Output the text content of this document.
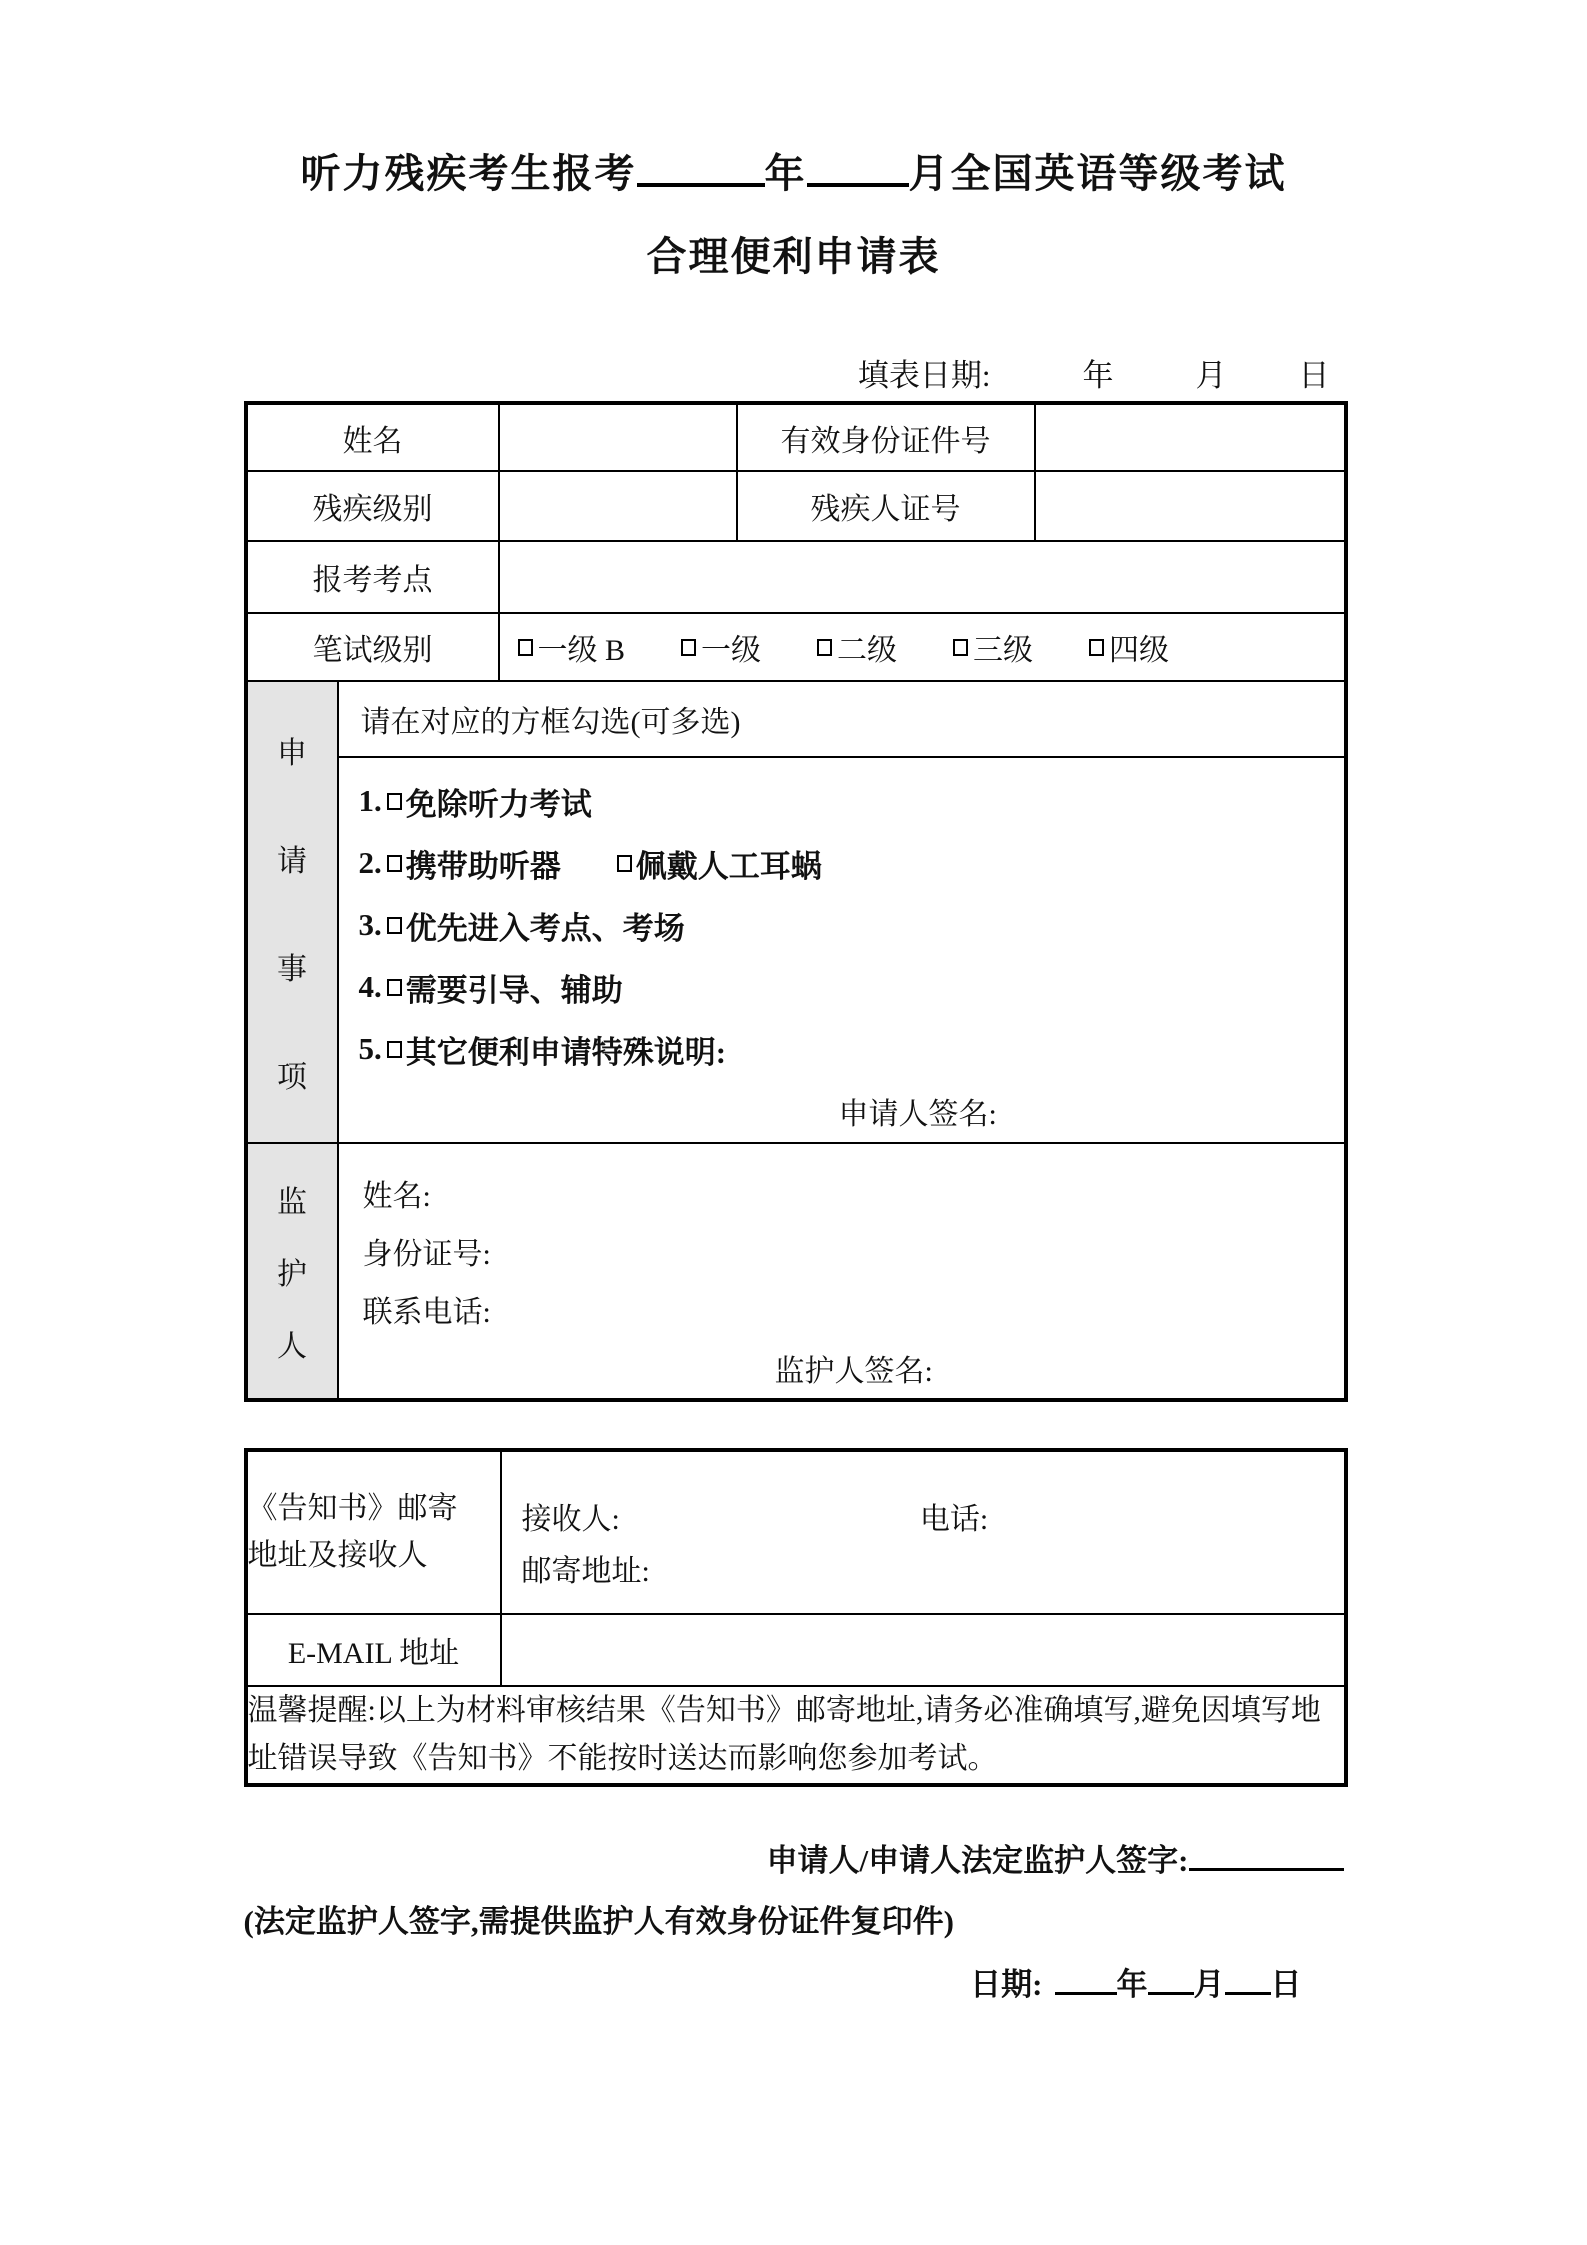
听力残疾考生报考	年	月全国英语等级考试
合理便利申请表
填表日期:	年	月 日
姓名		有效身份证件号	
残疾级别		残疾人证号	
报考考点			
笔试级别	一级 B 一级 二级 三级 四级		

申
请
事
项
请在对应的方框勾选(可多选)
1. 免除听力考试
2. 携带助听器 佩戴人工耳蜗
3. 优先进入考点、考场
4. 需要引导、辅助
5. 其它便利申请特殊说明:
申请人签名:

监
护
人
姓名:
身份证号:
联系电话:
监护人签名:
《告知书》邮寄
地址及接收人

接收人:	电话:
邮寄地址:

E-MAIL 地址	
温馨提醒:以上为材料审核结果《告知书》邮寄地址,请务必准确填写,避免因填写地址错误导致《告知书》不能按时送达而影响您参加考试。	
申请人/申请人法定监护人签字:
(法定监护人签字,需提供监护人有效身份证件复印件)
日期: 年 月 日
